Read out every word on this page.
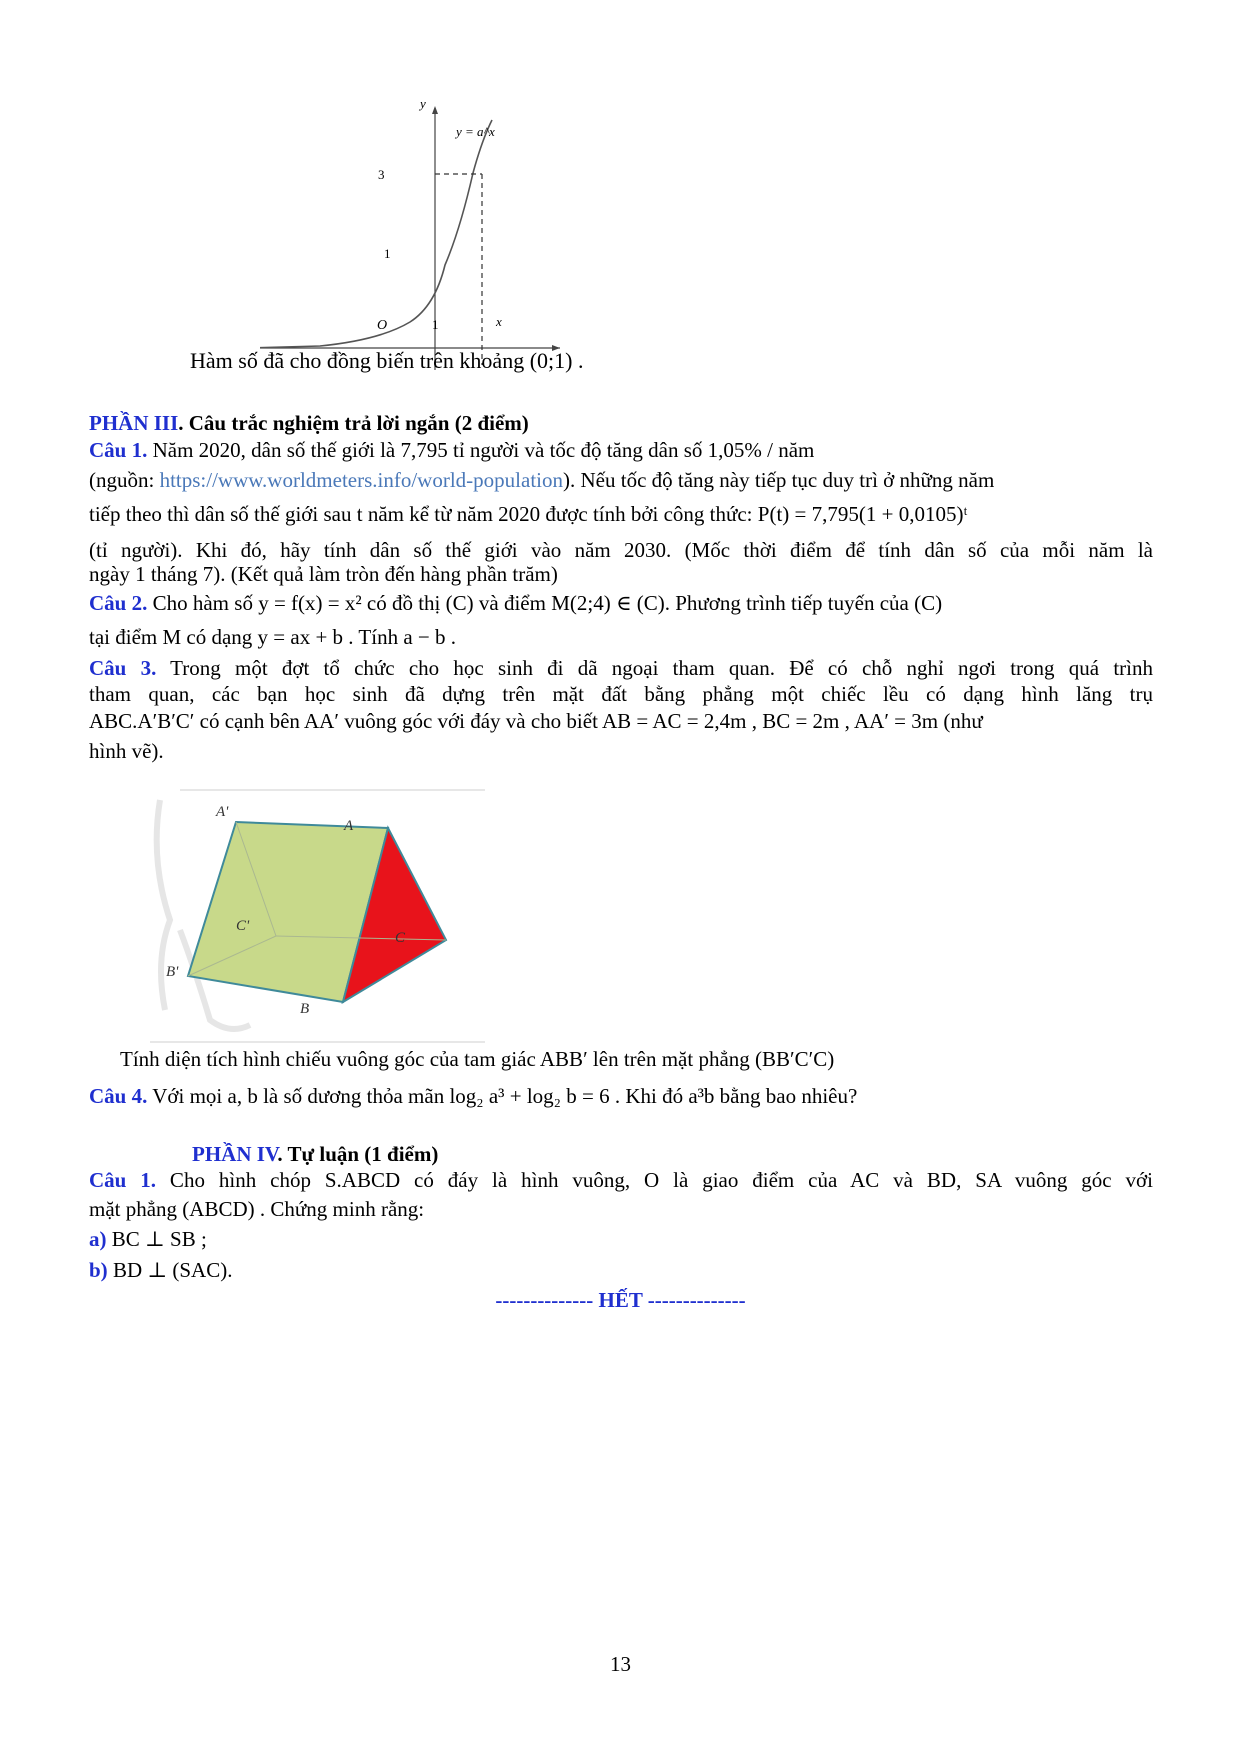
y
x
O
1
3
1
y = a^x
Hàm số đã cho đồng biến trên khoảng (0;1) .
PHẦN III. Câu trắc nghiệm trả lời ngắn (2 điểm)
Câu 1. Năm 2020, dân số thế giới là 7,795 tỉ người và tốc độ tăng dân số 1,05% / năm
(nguồn: https://www.worldmeters.info/world-population). Nếu tốc độ tăng này tiếp tục duy trì ở những năm
tiếp theo thì dân số thế giới sau t năm kể từ năm 2020 được tính bởi công thức: P(t) = 7,795(1 + 0,0105)ᵗ
(tỉ người). Khi đó, hãy tính dân số thế giới vào năm 2030. (Mốc thời điểm để tính dân số của mỗi năm là
ngày 1 tháng 7). (Kết quả làm tròn đến hàng phần trăm)
Câu 2. Cho hàm số y = f(x) = x² có đồ thị (C) và điểm M(2;4) ∈ (C). Phương trình tiếp tuyến của (C)
tại điểm M có dạng y = ax + b . Tính a − b .
Câu 3. Trong một đợt tổ chức cho học sinh đi dã ngoại tham quan. Để có chỗ nghỉ ngơi trong quá trình
tham quan, các bạn học sinh đã dựng trên mặt đất bằng phẳng một chiếc lều có dạng hình lăng trụ
ABC.A′B′C′ có cạnh bên AA′ vuông góc với đáy và cho biết AB = AC = 2,4m , BC = 2m , AA′ = 3m (như
hình vẽ).
A'
A
C'
C
B'
B
Tính diện tích hình chiếu vuông góc của tam giác ABB′ lên trên mặt phẳng (BB′C′C)
Câu 4. Với mọi a, b là số dương thỏa mãn log₂ a³ + log₂ b = 6 . Khi đó a³b bằng bao nhiêu?
PHẦN IV. Tự luận (1 điểm)
Câu 1. Cho hình chóp S.ABCD có đáy là hình vuông, O là giao điểm của AC và BD, SA vuông góc với
mặt phẳng (ABCD) . Chứng minh rằng:
a) BC ⊥ SB ;
b) BD ⊥ (SAC).
-------------- HẾT --------------
13
